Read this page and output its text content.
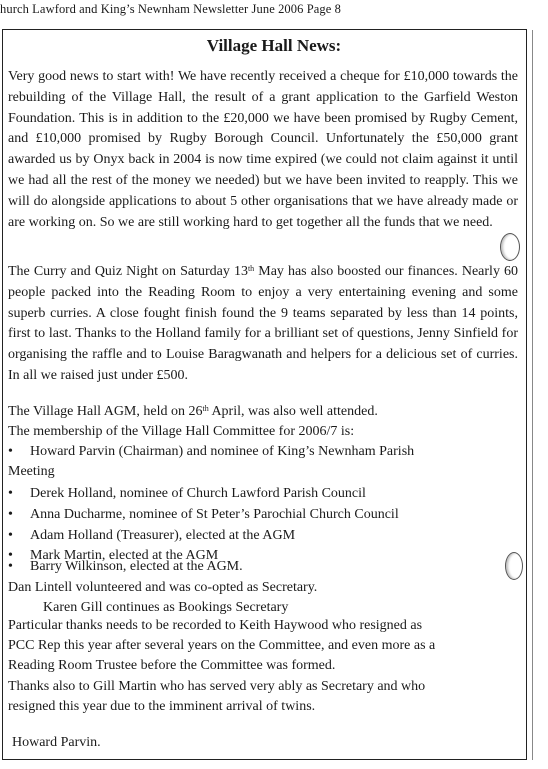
hurch Lawford and King’s Newnham Newsletter June 2006 Page 8
Village Hall News:

Very good news to start with! We have recently received a cheque for £10,000 towards the rebuilding of the Village Hall, the result of a grant application to the Garfield Weston Foundation. This is in addition to the £20,000 we have been promised by Rugby Cement, and £10,000 promised by Rugby Borough Council. Unfortunately the £50,000 grant awarded us by Onyx back in 2004 is now time expired (we could not claim against it until we had all the rest of the money we needed) but we have been invited to reapply. This we will do alongside applications to about 5 other organisations that we have already made or are working on. So we are still working hard to get together all the funds that we need.

The Curry and Quiz Night on Saturday 13th May has also boosted our finances. Nearly 60 people packed into the Reading Room to enjoy a very entertaining evening and some superb curries. A close fought finish found the 9 teams separated by less than 14 points, first to last. Thanks to the Holland family for a brilliant set of questions, Jenny Sinfield for organising the raffle and to Louise Baragwanath and helpers for a delicious set of curries. In all we raised just under £500.

The Village Hall AGM, held on 26th April, was also well attended.
The membership of the Village Hall Committee for 2006/7 is:
• Howard Parvin (Chairman) and nominee of King’s Newnham Parish
Meeting
• Derek Holland, nominee of Church Lawford Parish Council
• Anna Ducharme, nominee of St Peter’s Parochial Church Council
• Adam Holland (Treasurer), elected at the AGM
• Mark Martin, elected at the AGM
• Barry Wilkinson, elected at the AGM.
Dan Lintell volunteered and was co-opted as Secretary.
Karen Gill continues as Bookings Secretary
Particular thanks needs to be recorded to Keith Haywood who resigned as
PCC Rep this year after several years on the Committee, and even more as a
Reading Room Trustee before the Committee was formed.
Thanks also to Gill Martin who has served very ably as Secretary and who
resigned this year due to the imminent arrival of twins.
Howard Parvin.
